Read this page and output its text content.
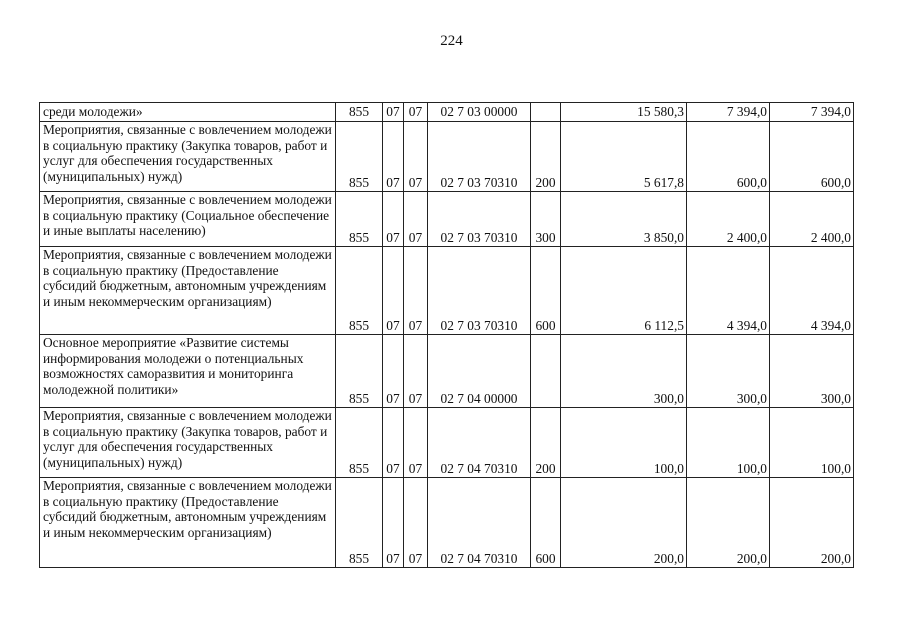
224
среди молодежи»	855	07	07	02 7 03 00000		15 580,3	7 394,0	7 394,0
Мероприятия, связанные с вовлечением молодежи в социальную практику (Закупка товаров, работ и услуг для обеспечения государственных (муниципальных) нужд)	855	07	07	02 7 03 70310	200	5 617,8	600,0	600,0
Мероприятия, связанные с вовлечением молодежи в социальную практику (Социальное обеспечение и иные выплаты населению)	855	07	07	02 7 03 70310	300	3 850,0	2 400,0	2 400,0
Мероприятия, связанные с вовлечением молодежи в социальную практику (Предоставление субсидий бюджетным, автономным учреждениям и иным некоммерческим организациям)	855	07	07	02 7 03 70310	600	6 112,5	4 394,0	4 394,0
Основное мероприятие «Развитие системы информирования молодежи о потенциальных возможностях саморазвития и мониторинга молодежной политики»	855	07	07	02 7 04 00000		300,0	300,0	300,0
Мероприятия, связанные с вовлечением молодежи в социальную практику (Закупка товаров, работ и услуг для обеспечения государственных (муниципальных) нужд)	855	07	07	02 7 04 70310	200	100,0	100,0	100,0
Мероприятия, связанные с вовлечением молодежи в социальную практику (Предоставление субсидий бюджетным, автономным учреждениям и иным некоммерческим организациям)	855	07	07	02 7 04 70310	600	200,0	200,0	200,0
